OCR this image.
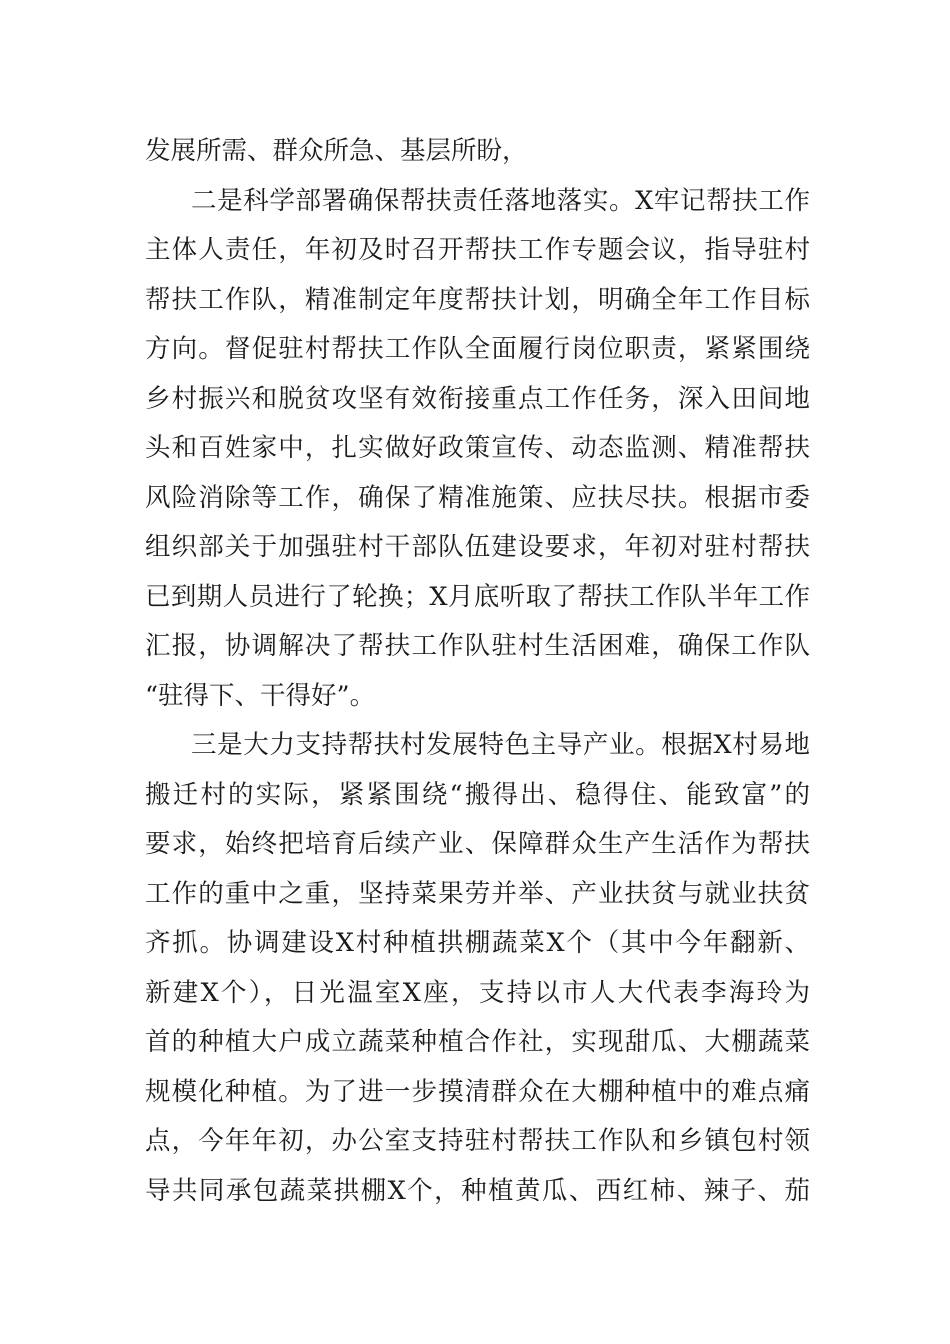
发展所需、群众所急、基层所盼，
二是科学部署确保帮扶责任落地落实。X牢记帮扶工作
主体人责任，年初及时召开帮扶工作专题会议，指导驻村
帮扶工作队，精准制定年度帮扶计划，明确全年工作目标
方向。督促驻村帮扶工作队全面履行岗位职责，紧紧围绕
乡村振兴和脱贫攻坚有效衔接重点工作任务，深入田间地
头和百姓家中，扎实做好政策宣传、动态监测、精准帮扶
风险消除等工作，确保了精准施策、应扶尽扶。根据市委
组织部关于加强驻村干部队伍建设要求，年初对驻村帮扶
已到期人员进行了轮换；X月底听取了帮扶工作队半年工作
汇报，协调解决了帮扶工作队驻村生活困难，确保工作队
“驻得下、干得好”。
三是大力支持帮扶村发展特色主导产业。根据X村易地
搬迁村的实际，紧紧围绕“搬得出、稳得住、能致富”的
要求，始终把培育后续产业、保障群众生产生活作为帮扶
工作的重中之重，坚持菜果劳并举、产业扶贫与就业扶贫
齐抓。协调建设X村种植拱棚蔬菜X个（其中今年翻新、
新建X个），日光温室X座，支持以市人大代表李海玲为
首的种植大户成立蔬菜种植合作社，实现甜瓜、大棚蔬菜
规模化种植。为了进一步摸清群众在大棚种植中的难点痛
点，今年年初，办公室支持驻村帮扶工作队和乡镇包村领
导共同承包蔬菜拱棚X个，种植黄瓜、西红柿、辣子、茄
